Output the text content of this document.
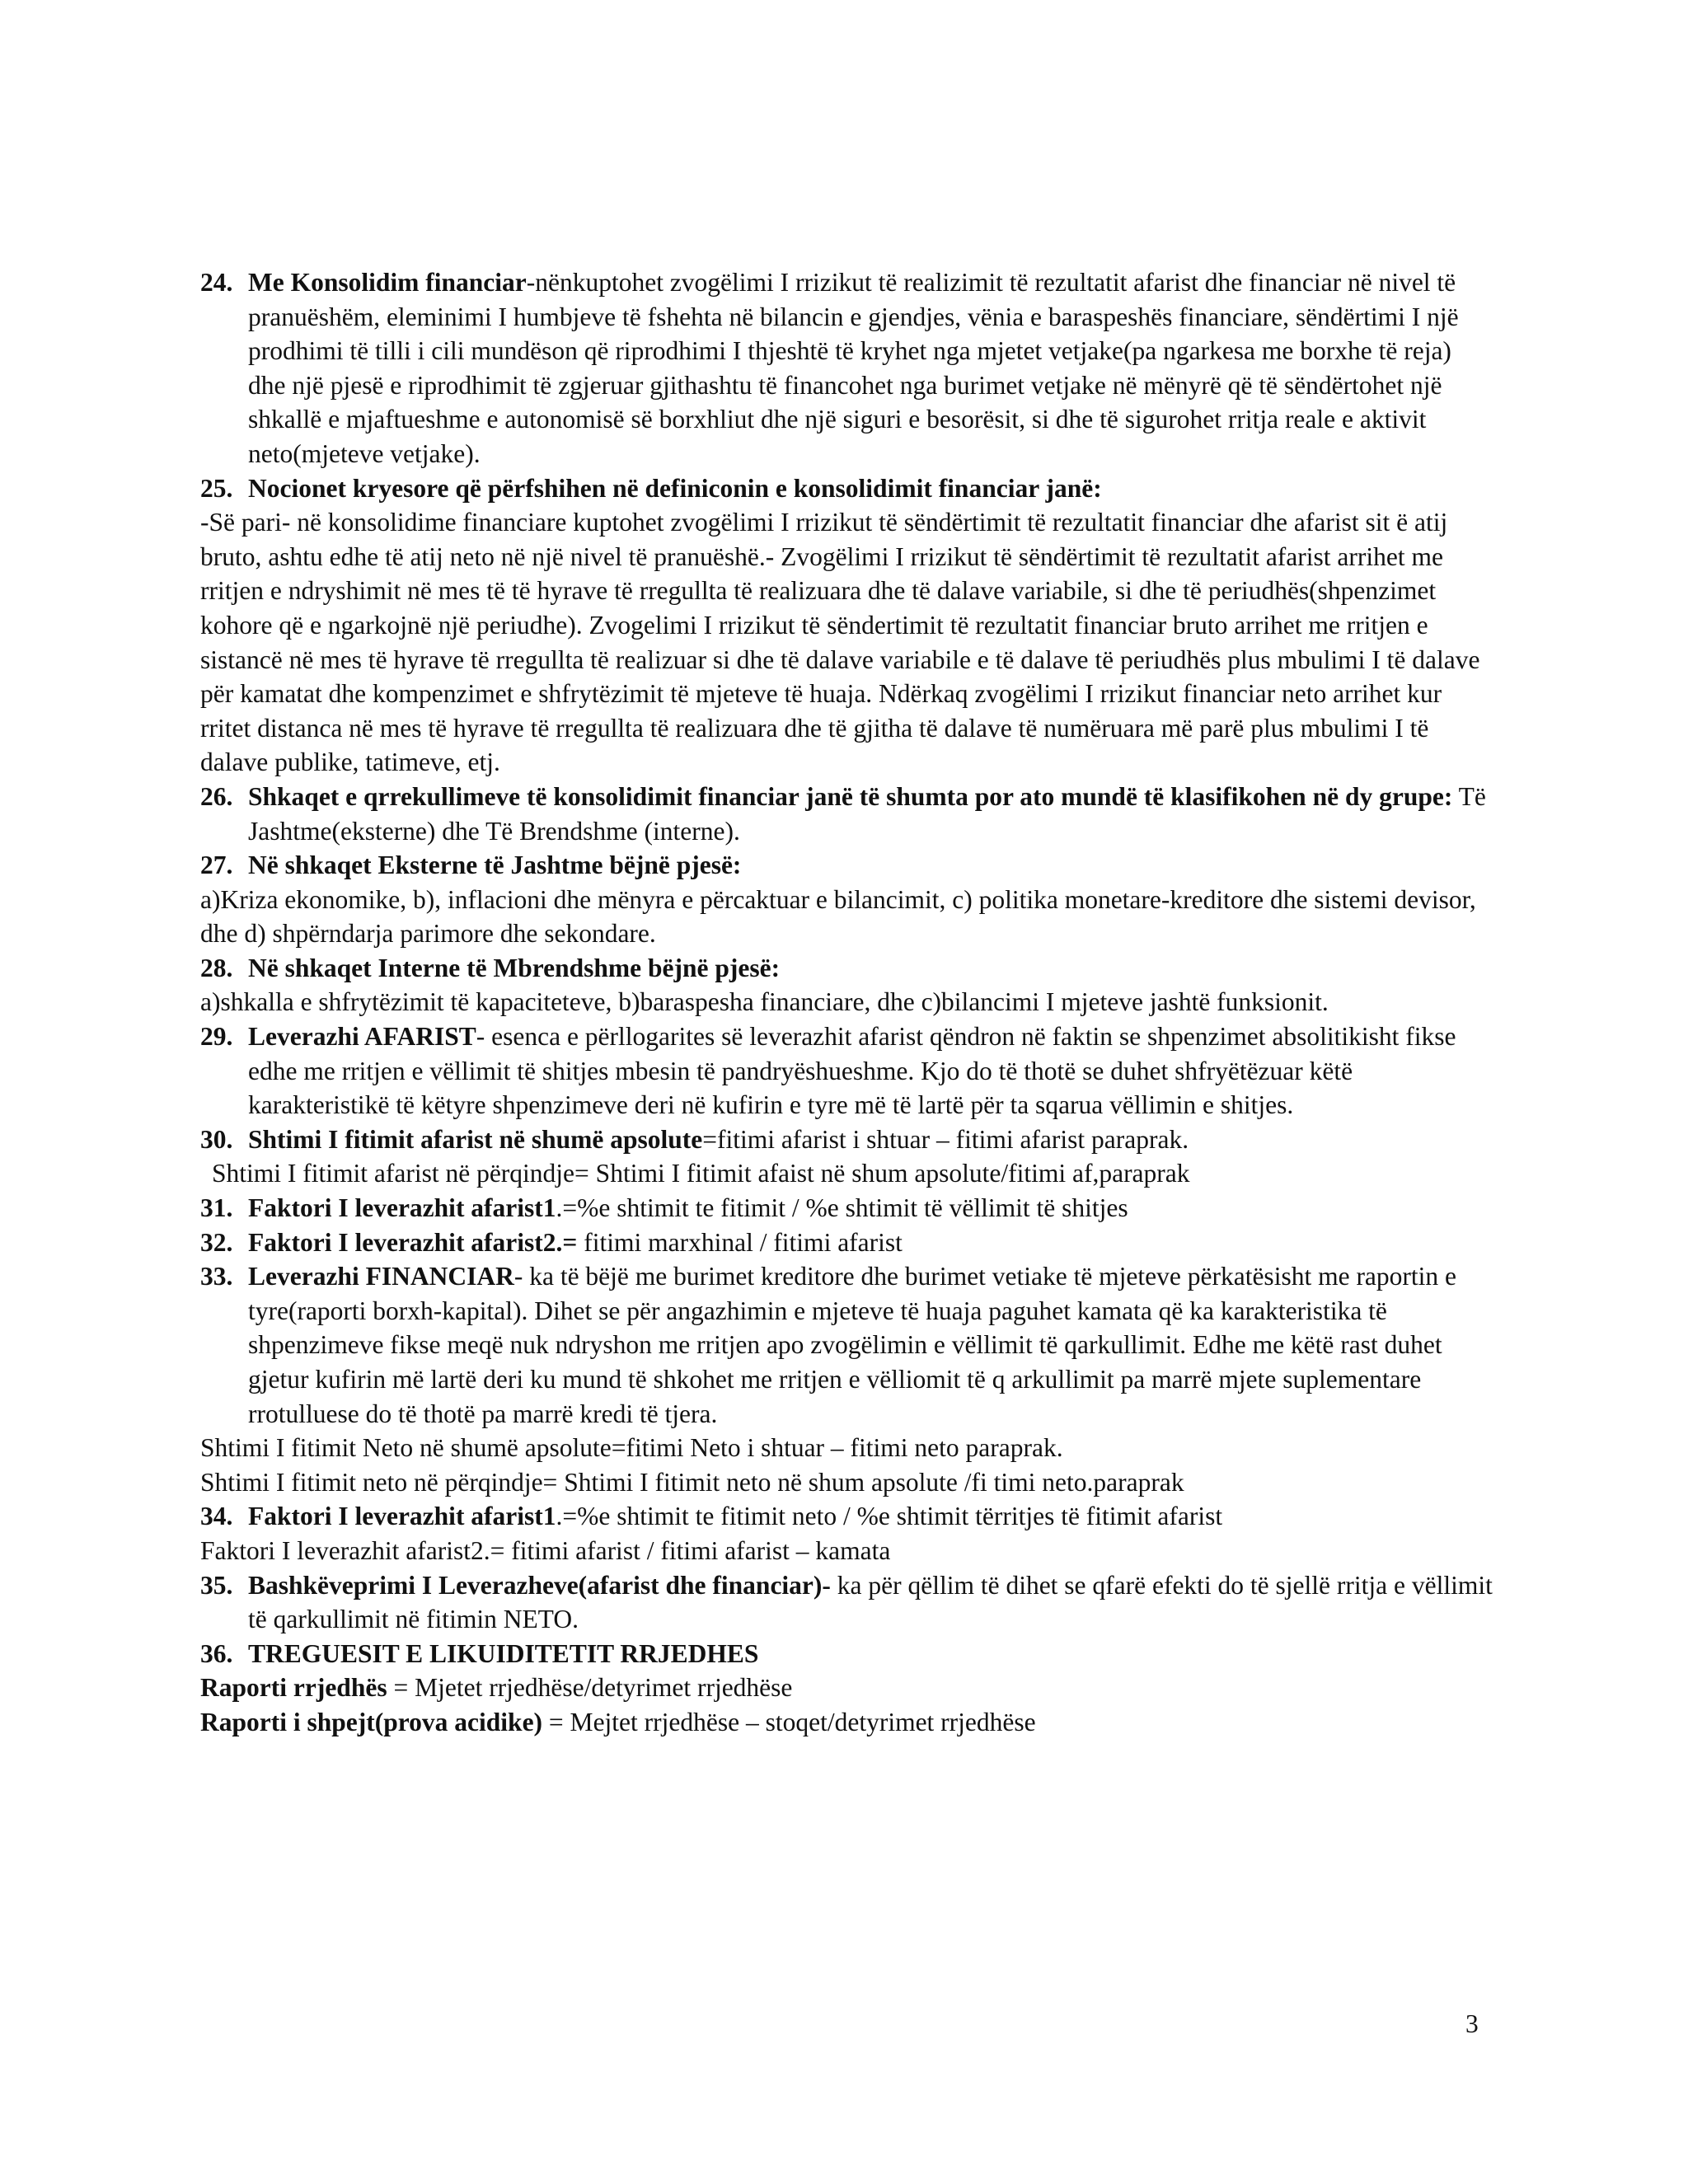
24. Me Konsolidim financiar-nënkuptohet zvogëlimi I rrizikut të realizimit të rezultatit afarist dhe financiar në nivel të pranuëshëm, eleminimi I humbjeve të fshehta në bilancin e gjendjes, vënia e baraspeshës financiare, sëndërtimi I një prodhimi të tilli i cili mundëson që riprodhimi I thjeshtë të kryhet nga mjetet vetjake(pa ngarkesa me borxhe të reja) dhe një pjesë e riprodhimit të zgjeruar gjithashtu të financohet nga burimet vetjake në mënyrë që të sëndërtohet një shkallë e mjaftueshme e autonomisë së borxhliut dhe një siguri e besorësit, si dhe të sigurohet rritja reale e aktivit neto(mjeteve vetjake).
25. Nocionet kryesore që përfshihen në definiconin e konsolidimit financiar janë:

-Së pari- në konsolidime financiare kuptohet zvogëlimi I rrizikut të sëndërtimit të rezultatit financiar dhe afarist sit ë atij bruto, ashtu edhe të atij neto në një nivel të pranuëshë.- Zvogëlimi I rrizikut të sëndërtimit të rezultatit afarist arrihet me rritjen e ndryshimit në mes të të hyrave të rregullta të realizuara dhe të dalave variabile, si dhe të periudhës(shpenzimet kohore që e ngarkojnë një periudhe). Zvogelimi I rrizikut të sëndertimit të rezultatit financiar bruto arrihet me rritjen e sistancë në mes të hyrave të rregullta të realizuar si dhe të dalave variabile e të dalave të periudhës plus mbulimi I të dalave për kamatat dhe kompenzimet e shfrytëzimit të mjeteve të huaja. Ndërkaq zvogëlimi I rrizikut financiar neto arrihet kur rritet distanca në mes të hyrave të rregullta të realizuara dhe të gjitha të dalave të numëruara më parë plus mbulimi I të dalave publike, tatimeve, etj.

26. Shkaqet e qrrekullimeve të konsolidimit financiar janë të shumta por ato mundë të klasifikohen në dy grupe: Të Jashtme(eksterne) dhe Të Brendshme (interne).
27. Në shkaqet Eksterne të Jashtme bëjnë pjesë:

a)Kriza ekonomike, b), inflacioni dhe mënyra e përcaktuar e bilancimit, c) politika monetare-kreditore dhe sistemi devisor, dhe d) shpërndarja parimore dhe sekondare.

28. Në shkaqet Interne të Mbrendshme bëjnë pjesë:

a)shkalla e shfrytëzimit të kapaciteteve, b)baraspesha financiare, dhe c)bilancimi I mjeteve jashtë funksionit.

29. Leverazhi AFARIST- esenca e përllogarites së leverazhit afarist qëndron në faktin se shpenzimet absolitikisht fikse edhe me rritjen e vëllimit të shitjes mbesin të pandryëshueshme. Kjo do të thotë se duhet shfryëtëzuar këtë karakteristikë të këtyre shpenzimeve deri në kufirin e tyre më të lartë për ta sqarua vëllimin e shitjes.
30. Shtimi I fitimit afarist në shumë apsolute=fitimi afarist i shtuar – fitimi afarist paraprak.

Shtimi I fitimit afarist në përqindje= Shtimi I fitimit afaist në shum apsolute/fitimi af,paraprak

31. Faktori I leverazhit afarist1.=%e shtimit te fitimit / %e shtimit të vëllimit të shitjes
32. Faktori I leverazhit afarist2.= fitimi marxhinal / fitimi afarist
33. Leverazhi FINANCIAR- ka të bëjë me burimet kreditore dhe burimet vetiake të mjeteve përkatësisht me raportin e tyre(raporti borxh-kapital). Dihet se për angazhimin e mjeteve të huaja paguhet kamata që ka karakteristika të shpenzimeve fikse meqë nuk ndryshon me rritjen apo zvogëlimin e vëllimit të qarkullimit. Edhe me këtë rast duhet gjetur kufirin më lartë deri ku mund të shkohet me rritjen e vëlliomit të q arkullimit pa marrë mjete suplementare rrotulluese do të thotë pa marrë kredi të tjera.

Shtimi I fitimit Neto në shumë apsolute=fitimi Neto i shtuar – fitimi neto paraprak.

Shtimi I fitimit neto në përqindje= Shtimi I fitimit neto në shum apsolute /fi timi neto.paraprak

34. Faktori I leverazhit afarist1.=%e shtimit te fitimit neto / %e shtimit tërritjes të fitimit afarist

Faktori I leverazhit afarist2.= fitimi afarist / fitimi afarist – kamata

35. Bashkëveprimi I Leverazheve(afarist dhe financiar)- ka për qëllim të dihet se qfarë efekti do të sjellë rritja e vëllimit të qarkullimit në fitimin NETO.
36. TREGUESIT E LIKUIDITETIT RRJEDHES

Raporti rrjedhës = Mjetet rrjedhëse/detyrimet rrjedhëse

Raporti i shpejt(prova acidike) = Mejtet rrjedhëse – stoqet/detyrimet rrjedhëse

3
